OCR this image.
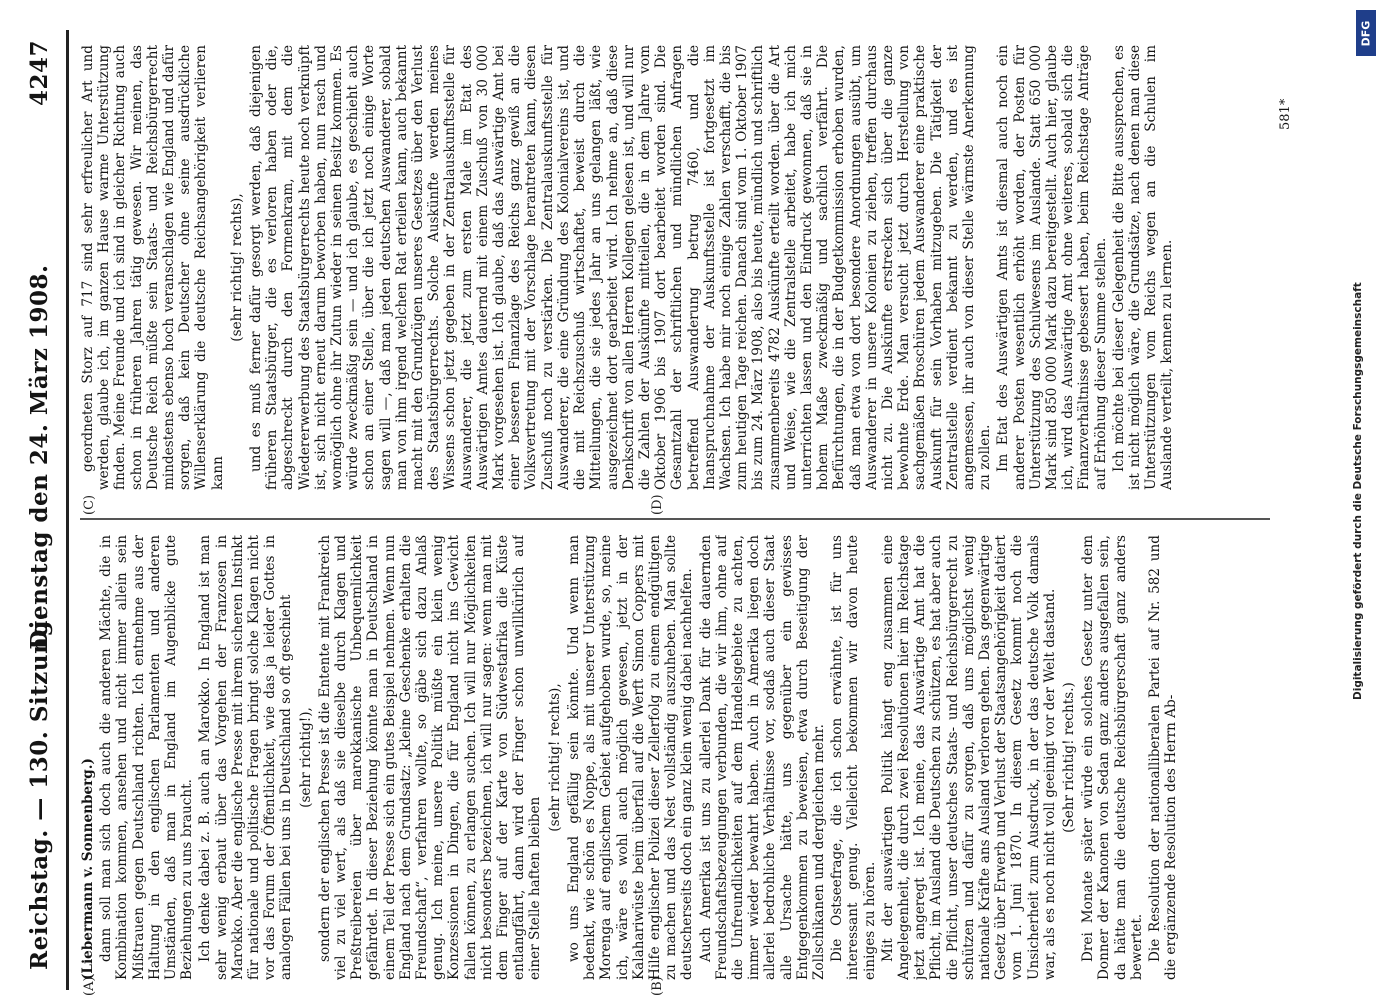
Reichstag. — 130. Sitzung.
Dienstag den 24. März 1908. 4247
(A)	(B)
(C)	(D)

(Liebermann v. Sonnenberg.) dann soll man sich doch auch die anderen Mächte, die in Kombination kommen, ansehen und nicht immer allein sein Mißtrauen gegen Deutschland richten. Ich entnehme aus der Haltung in den englischen Parlamenten und anderen Umständen, daß man in England im Augenblicke gute Beziehungen zu uns braucht. Ich denke dabei z. B. auch an Marokko. In England ist man sehr wenig erbaut über das Vorgehen der Franzosen in Marokko. Aber die englische Presse mit ihrem sicheren Instinkt für nationale und politische Fragen bringt solche Klagen nicht vor das Forum der Öffentlichkeit, wie das ja leider Gottes in analogen Fällen bei uns in Deutschland so oft geschieht (sehr richtig!), sondern der englischen Presse ist die Entente mit Frankreich viel zu viel wert, als daß sie dieselbe durch Klagen und Preßtreibereien über marokkanische Unbequemlichkeit gefährdet. In dieser Beziehung könnte man in Deutschland in einem Teil der Presse sich ein gutes Beispiel nehmen. Wenn nun England nach dem Grundsatz: „kleine Geschenke erhalten die Freundschaft“, verfahren wollte, so gäbe sich dazu Anlaß genug. Ich meine, unsere Politik müßte ein klein wenig Konzessionen in Dingen, die für England nicht ins Gewicht fallen können, zu erlangen suchen. Ich will nur Möglichkeiten nicht besonders bezeichnen, ich will nur sagen: wenn man mit dem Finger auf der Karte von Südwestafrika die Küste entlangfährt, dann wird der Finger schon unwillkürlich auf einer Stelle haften bleiben

(sehr richtig! rechts), wo uns England gefällig sein könnte. Und wenn man bedenkt, wie schön es Noppe, als mit unserer Unterstützung Morenga auf englischem Gebiet aufgehoben wurde, so, meine ich, wäre es wohl auch möglich gewesen, jetzt in der Kalahariwüste beim überfall auf die Werft Simon Coppers mit Hilfe englischer Polizei dieser Zellerfolg zu einem endgültigen zu machen und das Nest vollständig auszuheben. Man sollte deutscherseits doch ein ganz klein wenig dabei nachhelfen. Auch Amerika ist uns zu allerlei Dank für die dauernden Freundschaftsbezeugungen verbunden, die wir ihm, ohne auf die Unfreundlichkeiten auf dem Handelsgebiete zu achten, immer wieder bewahrt haben. Auch in Amerika liegen doch allerlei bedrohliche Verhältnisse vor, sodaß auch dieser Staat alle Ursache hätte, uns gegenüber ein gewisses Entgegenkommen zu beweisen, etwa durch Beseitigung der Zollschikanen und dergleichen mehr. Die Ostseefrage, die ich schon erwähnte, ist für uns interessant genug. Vielleicht bekommen wir davon heute einiges zu hören. Mit der auswärtigen Politik hängt eng zusammen eine Angelegenheit, die durch zwei Resolutionen hier im Reichstage jetzt angeregt ist. Ich meine, das Auswärtige Amt hat die Pflicht, im Ausland die Deutschen zu schützen, es hat aber auch die Pflicht, unser deutsches Staats- und Reichsbürgerrecht zu schützen und dafür zu sorgen, daß uns möglichst wenig nationale Kräfte ans Ausland verloren gehen. Das gegenwärtige Gesetz über Erwerb und Verlust der Staatsangehörigkeit datiert vom 1. Juni 1870. In diesem Gesetz kommt noch die Unsicherheit zum Ausdruck, in der das deutsche Volk damals war, als es noch nicht voll geeinigt vor der Welt dastand. (Sehr richtig! rechts.) Drei Monate später würde ein solches Gesetz unter dem Donner der Kanonen von Sedan ganz anders ausgefallen sein, da hätte man die deutsche Reichsbürgerschaft ganz anders bewertet. Die Resolution der nationalliberalen Partei auf Nr. 582 und die ergänzende Resolution des Herrn Ab-

geordneten Storz auf 717 sind sehr erfreulicher Art und werden, glaube ich, im ganzen Hause warme Unterstützung finden. Meine Freunde und ich sind in gleicher Richtung auch schon in früheren Jahren tätig gewesen. Wir meinen, das Deutsche Reich müßte sein Staats- und Reichsbürgerrecht mindestens ebenso hoch veranschlagen wie England und dafür sorgen, daß kein Deutscher ohne seine ausdrückliche Willenserklärung die deutsche Reichsangehörigkeit verlieren kann

(sehr richtig! rechts), und es muß ferner dafür gesorgt werden, daß diejenigen früheren Staatsbürger, die es verloren haben oder die, abgeschreckt durch den Formenkram, mit dem die Wiedererwerbung des Staatsbürgerrechts heute noch verknüpft ist, sich nicht erneut darum beworben haben, nun rasch und womöglich ohne ihr Zutun wieder in seinen Besitz kommen. Es würde zweckmäßig sein — und ich glaube, es geschieht auch schon an einer Stelle, über die ich jetzt noch einige Worte sagen will —, daß man jeden deutschen Auswanderer, sobald man von ihm irgend welchen Rat erteilen kann, auch bekannt macht mit den Grundzügen unseres Gesetzes über den Verlust des Staatsbürgerrechts. Solche Auskünfte werden meines Wissens schon jetzt gegeben in der Zentralauskunftsstelle für Auswanderer, die jetzt zum ersten Male im Etat des Auswärtigen Amtes dauernd mit einem Zuschuß von 30 000 Mark vorgesehen ist. Ich glaube, daß das Auswärtige Amt bei einer besseren Finanzlage des Reichs ganz gewiß an die Volksvertretung mit der Vorschlage herantreten kann, diesen Zuschuß noch zu verstärken. Die Zentralauskunftsstelle für Auswanderer, die eine Gründung des Kolonialvereins ist, und die mit Reichszuschuß wirtschaftet, beweist durch die Mitteilungen, die sie jedes Jahr an uns gelangen läßt, wie ausgezeichnet dort gearbeitet wird. Ich nehme an, daß diese Denkschrift von allen Herren Kollegen gelesen ist, und will nur die Zahlen der Auskünfte mitteilen, die in dem Jahre vom Oktober 1906 bis 1907 dort bearbeitet worden sind. Die Gesamtzahl der schriftlichen und mündlichen Anfragen betreffend Auswanderung betrug 7460, und die Inanspruchnahme der Auskunftsstelle ist fortgesetzt im Wachsen. Ich habe mir noch einige Zahlen verschafft, die bis zum heutigen Tage reichen. Danach sind vom 1. Oktober 1907 bis zum 24. März 1908, also bis heute, mündlich und schriftlich zusammenbereits 4782 Auskünfte erteilt worden. über die Art und Weise, wie die Zentralstelle arbeitet, habe ich mich unterrichten lassen und den Eindruck gewonnen, daß sie in hohem Maße zweckmäßig und sachlich verfährt. Die Befürchtungen, die in der Budgetkommission erhoben wurden, daß man etwa von dort besondere Anordnungen ausübt, um Auswanderer in unsere Kolonien zu ziehen, treffen durchaus nicht zu. Die Auskünfte erstrecken sich über die ganze bewohnte Erde. Man versucht jetzt durch Herstellung von sachgemäßen Broschüren jedem Auswanderer eine praktische Auskunft für sein Vorhaben mitzugeben. Die Tätigkeit der Zentralstelle verdient bekannt zu werden, und es ist angemessen, ihr auch von dieser Stelle wärmste Anerkennung zu zollen. Im Etat des Auswärtigen Amts ist diesmal auch noch ein anderer Posten wesentlich erhöht worden, der Posten für Unterstützung des Schulwesens im Auslande. Statt 650 000 Mark sind 850 000 Mark dazu bereitgestellt. Auch hier, glaube ich, wird das Auswärtige Amt ohne weiteres, sobald sich die Finanzverhältnisse gebessert haben, beim Reichstage Anträge auf Erhöhung dieser Summe stellen. Ich möchte bei dieser Gelegenheit die Bitte aussprechen, es ist nicht möglich wäre, die Grundsätze, nach denen man diese Unterstützungen vom Reichs wegen an die Schulen im Auslande verteilt, kennen zu lernen.

581*
DFG
Digitalisierung gefördert durch die Deutsche Forschungsgemeinschaft
